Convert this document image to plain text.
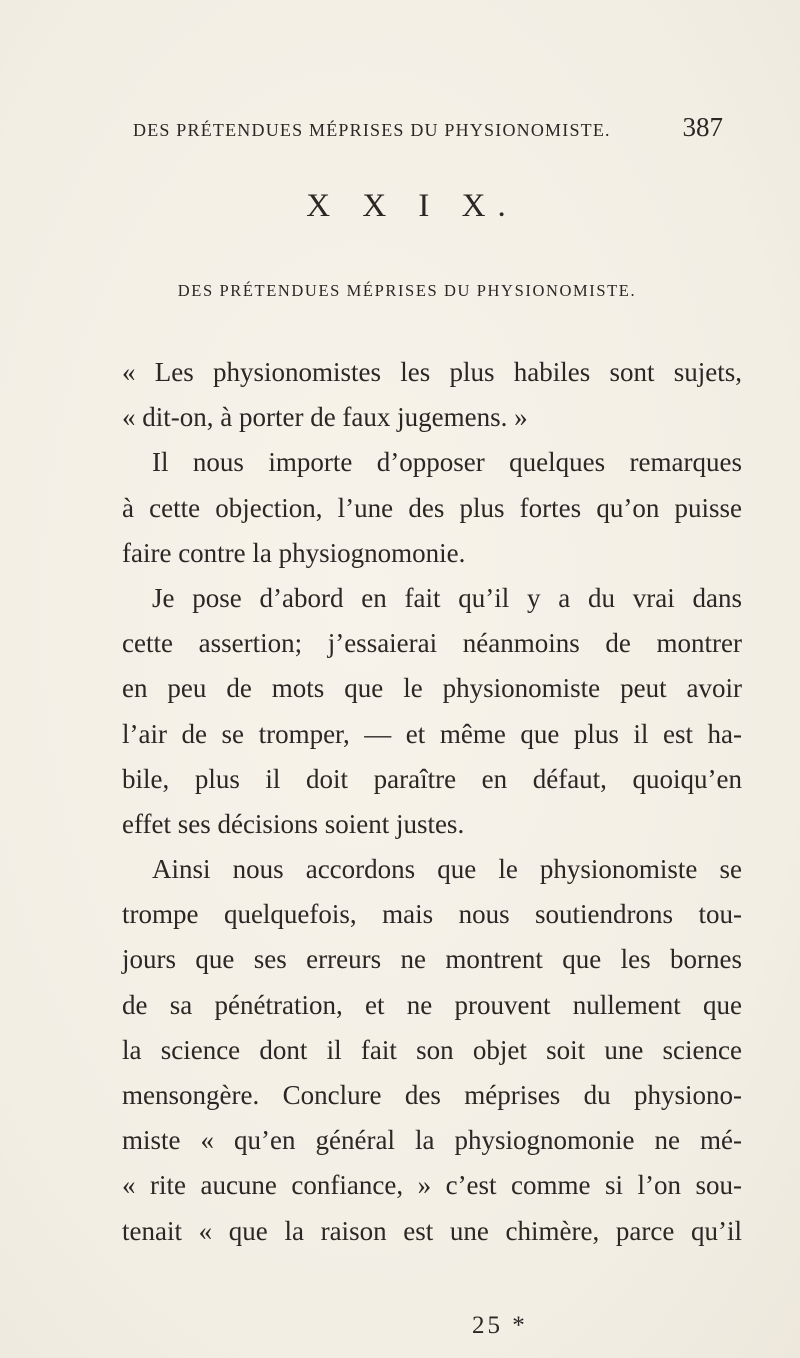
DES PRÉTENDUES MÉPRISES DU PHYSIONOMISTE.	387
X X I X.
DES PRÉTENDUES MÉPRISES DU PHYSIONOMISTE.
« Les physionomistes les plus habiles sont sujets,
« dit-on, à porter de faux jugemens. »
Il nous importe d’opposer quelques remarques
à cette objection, l’une des plus fortes qu’on puisse
faire contre la physiognomonie.
Je pose d’abord en fait qu’il y a du vrai dans
cette assertion; j’essaierai néanmoins de montrer
en peu de mots que le physionomiste peut avoir
l’air de se tromper, — et même que plus il est ha-
bile, plus il doit paraître en défaut, quoiqu’en
effet ses décisions soient justes.
Ainsi nous accordons que le physionomiste se
trompe quelquefois, mais nous soutiendrons tou-
jours que ses erreurs ne montrent que les bornes
de sa pénétration, et ne prouvent nullement que
la science dont il fait son objet soit une science
mensongère. Conclure des méprises du physiono-
miste « qu’en général la physiognomonie ne mé-
« rite aucune confiance, » c’est comme si l’on sou-
tenait « que la raison est une chimère, parce qu’il
25 *
